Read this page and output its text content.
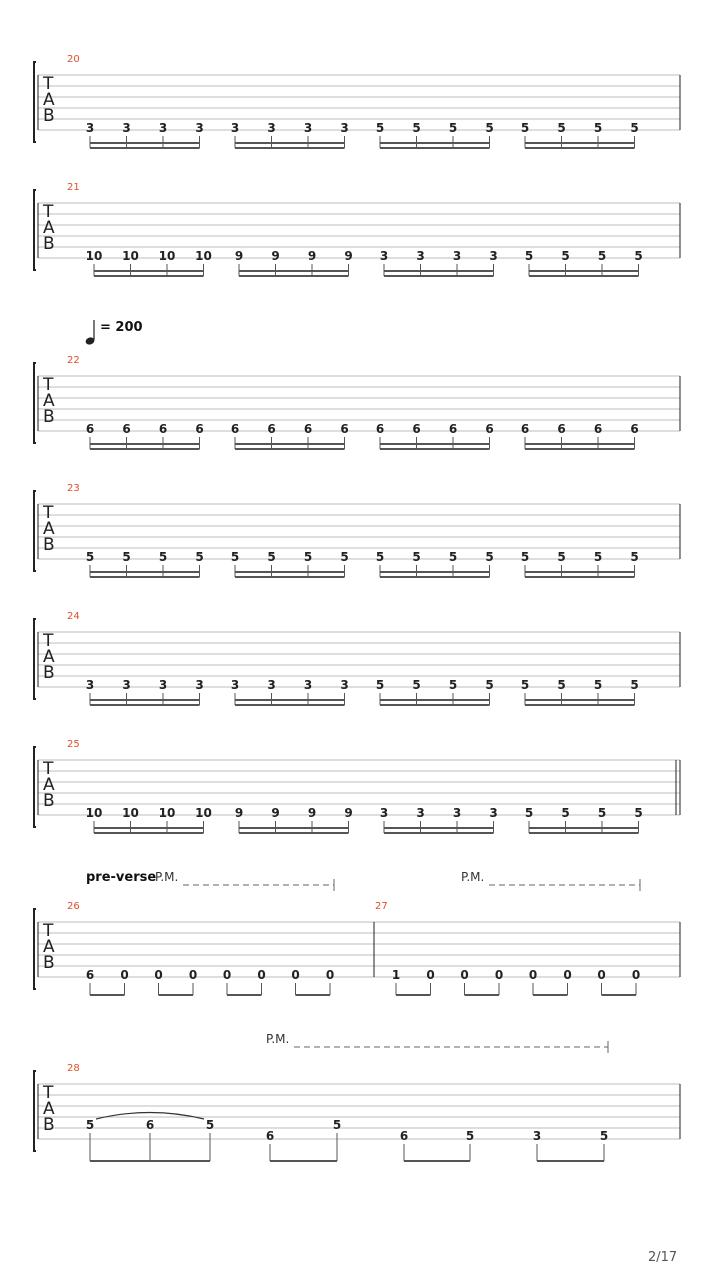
T
A
B
20
3 3 3 3 3 3 3 3 5 5 5 5 5 5 5 5
T
A
B
21
10 10 10 10 9 9 9 9 3 3 3 3 5 5 5 5
T
A
B
22
6 6 6 6 6 6 6 6 6 6 6 6 6 6 6 6
= 200
T
A
B
23
5 5 5 5 5 5 5 5 5 5 5 5 5 5 5 5
T
A
B
24
3 3 3 3 3 3 3 3 5 5 5 5 5 5 5 5
T
A
B
25
10 10 10 10 9 9 9 9 3 3 3 3 5 5 5 5
T
A
B
26
6 0 0 0 0 0 0 0
27
1 0 0 0 0 0 0 0
pre-verse
P.M.	P.M.
T
A
B
28
5	6	5
6
5
6	5	3	5
P.M.
2/17
